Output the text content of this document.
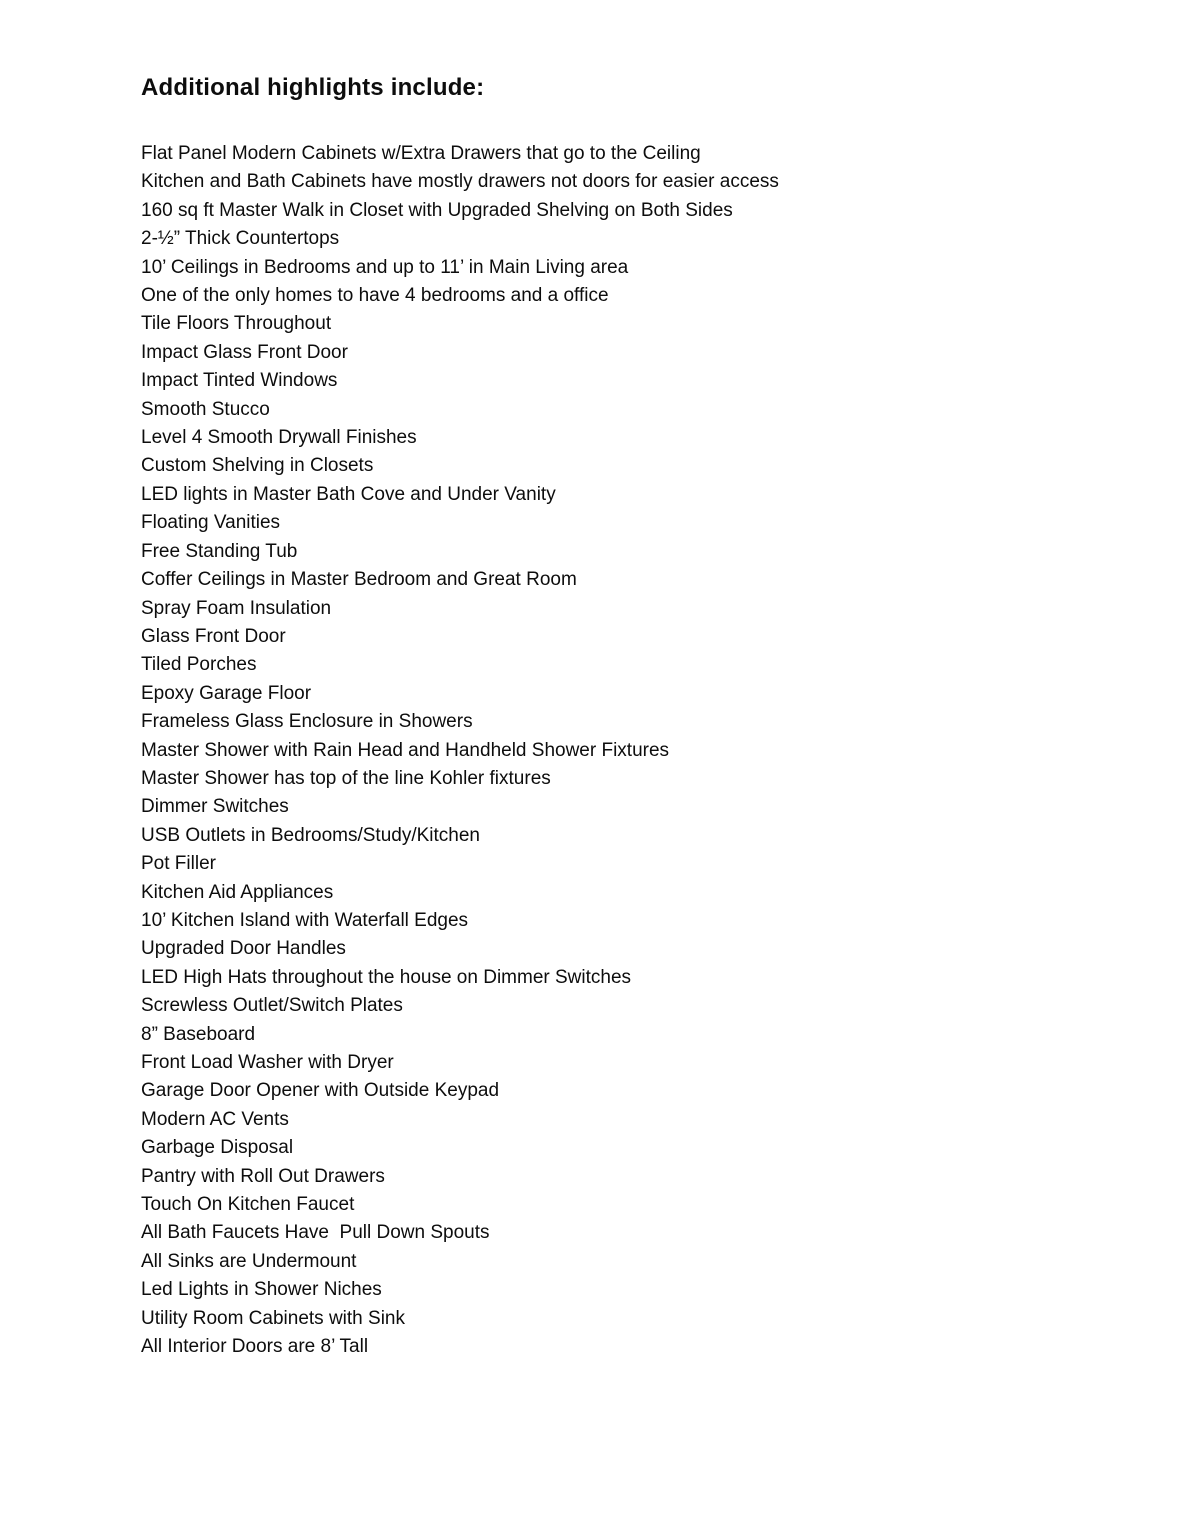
Additional highlights include:
Flat Panel Modern Cabinets w/Extra Drawers that go to the Ceiling
Kitchen and Bath Cabinets have mostly drawers not doors for easier access
160 sq ft Master Walk in Closet with Upgraded Shelving on Both Sides
2-½” Thick Countertops
10’ Ceilings in Bedrooms and up to 11’ in Main Living area
One of the only homes to have 4 bedrooms and a office
Tile Floors Throughout
Impact Glass Front Door
Impact Tinted Windows
Smooth Stucco
Level 4 Smooth Drywall Finishes
Custom Shelving in Closets
LED lights in Master Bath Cove and Under Vanity
Floating Vanities
Free Standing Tub
Coffer Ceilings in Master Bedroom and Great Room
Spray Foam Insulation
Glass Front Door
Tiled Porches
Epoxy Garage Floor
Frameless Glass Enclosure in Showers
Master Shower with Rain Head and Handheld Shower Fixtures
Master Shower has top of the line Kohler fixtures
Dimmer Switches
USB Outlets in Bedrooms/Study/Kitchen
Pot Filler
Kitchen Aid Appliances
10’ Kitchen Island with Waterfall Edges
Upgraded Door Handles
LED High Hats throughout the house on Dimmer Switches
Screwless Outlet/Switch Plates
8” Baseboard
Front Load Washer with Dryer
Garage Door Opener with Outside Keypad
Modern AC Vents
Garbage Disposal
Pantry with Roll Out Drawers
Touch On Kitchen Faucet
All Bath Faucets Have  Pull Down Spouts
All Sinks are Undermount
Led Lights in Shower Niches
Utility Room Cabinets with Sink
All Interior Doors are 8’ Tall
